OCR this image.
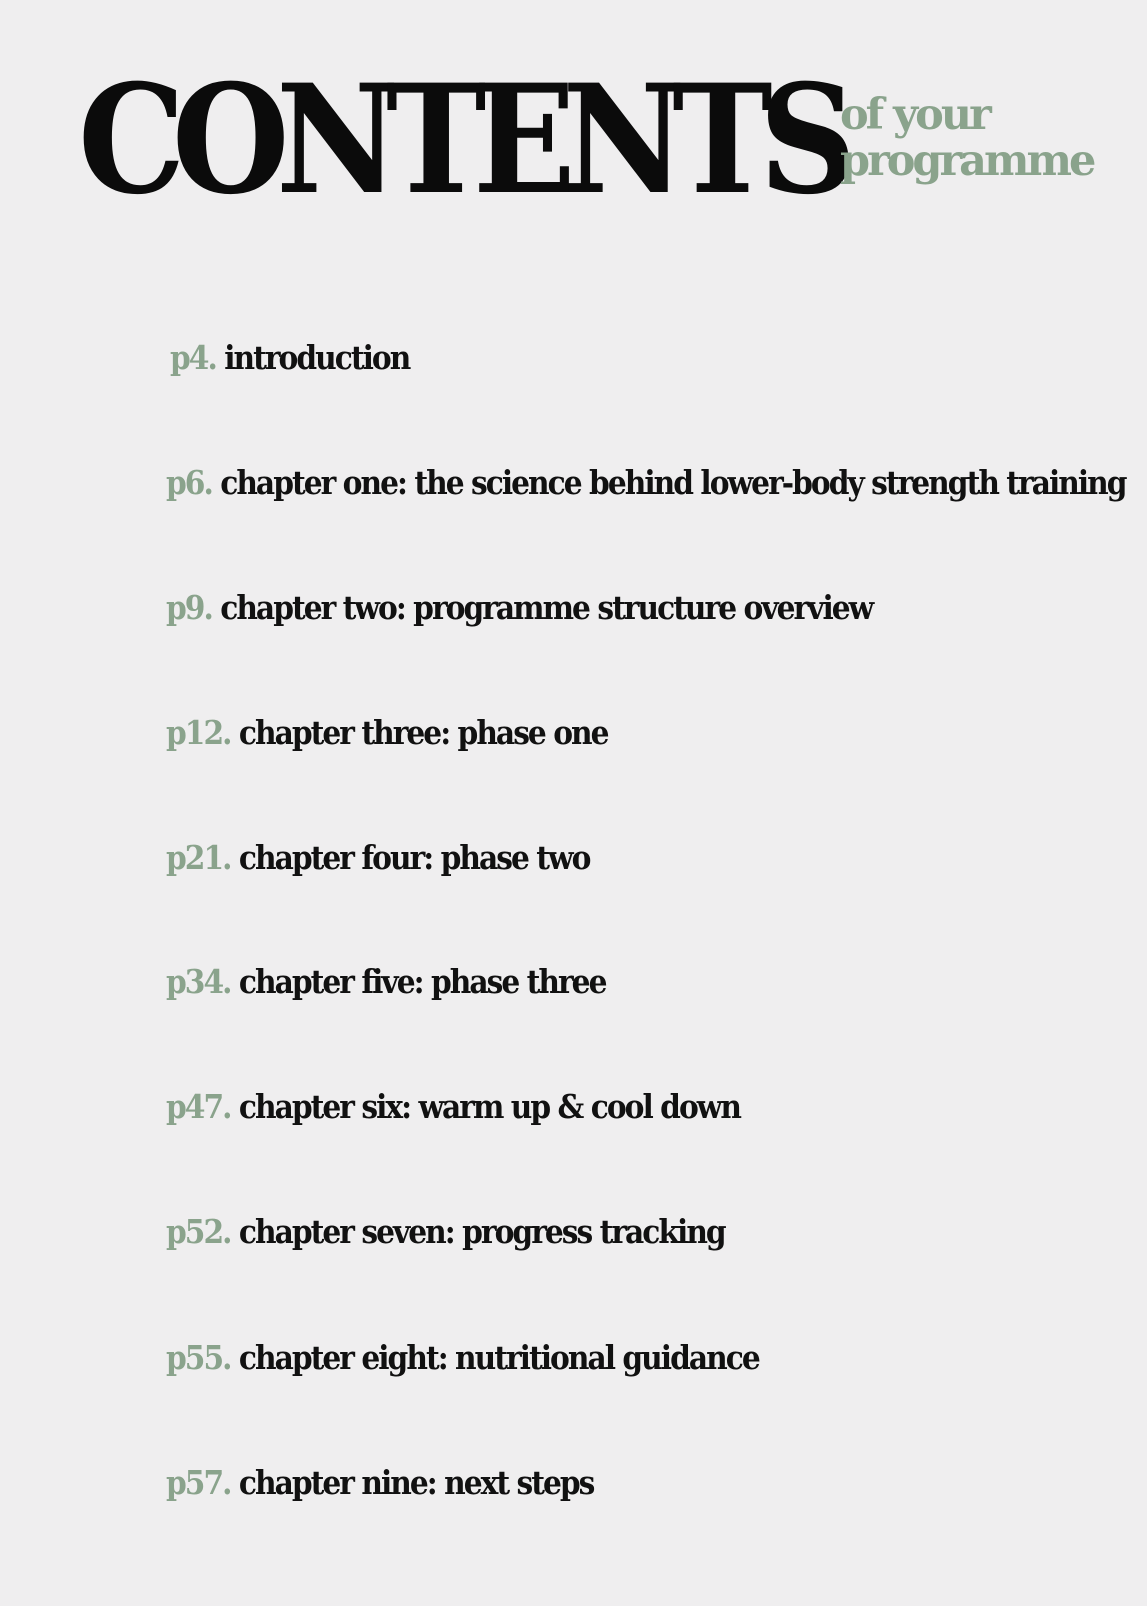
CONTENTS
of your
programme
p4. introduction
p6. chapter one: the science behind lower-body strength training
p9. chapter two: programme structure overview
p12. chapter three: phase one
p21. chapter four: phase two
p34. chapter five: phase three
p47. chapter six: warm up & cool down
p52. chapter seven: progress tracking
p55. chapter eight: nutritional guidance
p57. chapter nine: next steps
